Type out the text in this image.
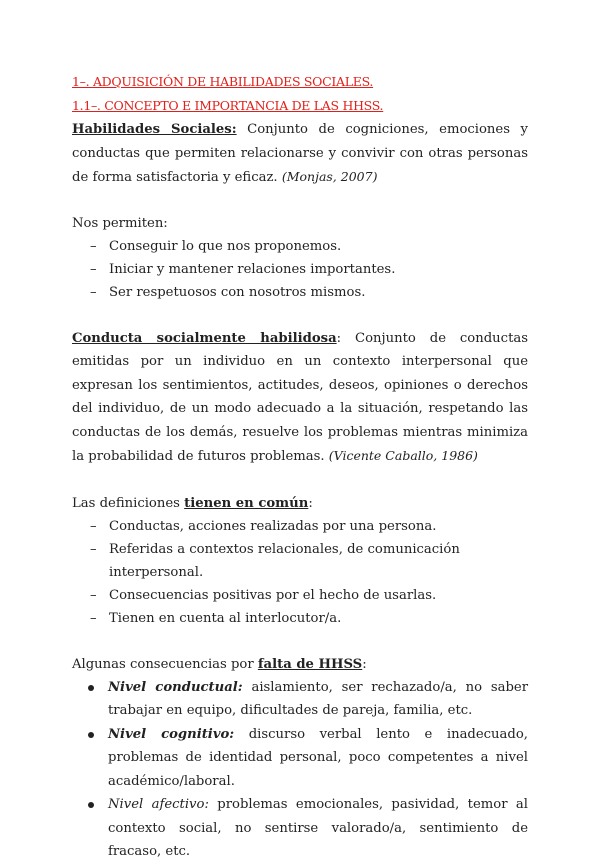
1–. ADQUISICIÓN DE HABILIDADES SOCIALES.

1.1–. CONCEPTO E IMPORTANCIA DE LAS HHSS.

Habilidades Sociales: Conjunto de cogniciones, emociones y conductas que permiten relacionarse y convivir con otras personas de forma satisfactoria y eficaz. (Monjas, 2007)

Nos permiten:

– Conseguir lo que nos proponemos.
– Iniciar y mantener relaciones importantes.
– Ser respetuosos con nosotros mismos.

Conducta socialmente habilidosa: Conjunto de conductas emitidas por un individuo en un contexto interpersonal que expresan los sentimientos, actitudes, deseos, opiniones o derechos del individuo, de un modo adecuado a la situación, respetando las conductas de los demás, resuelve los problemas mientras minimiza la probabilidad de futuros problemas. (Vicente Caballo, 1986)

Las definiciones tienen en común:

– Conductas, acciones realizadas por una persona.
– Referidas a contextos relacionales, de comunicación interpersonal.
– Consecuencias positivas por el hecho de usarlas.
– Tienen en cuenta al interlocutor/a.

Algunas consecuencias por falta de HHSS:

Nivel conductual: aislamiento, ser rechazado/a, no saber trabajar en equipo, dificultades de pareja, familia, etc.
Nivel cognitivo: discurso verbal lento e inadecuado, problemas de identidad personal, poco competentes a nivel académico/laboral.
Nivel afectivo: problemas emocionales, pasividad, temor al contexto social, no sentirse valorado/a, sentimiento de fracaso, etc.
